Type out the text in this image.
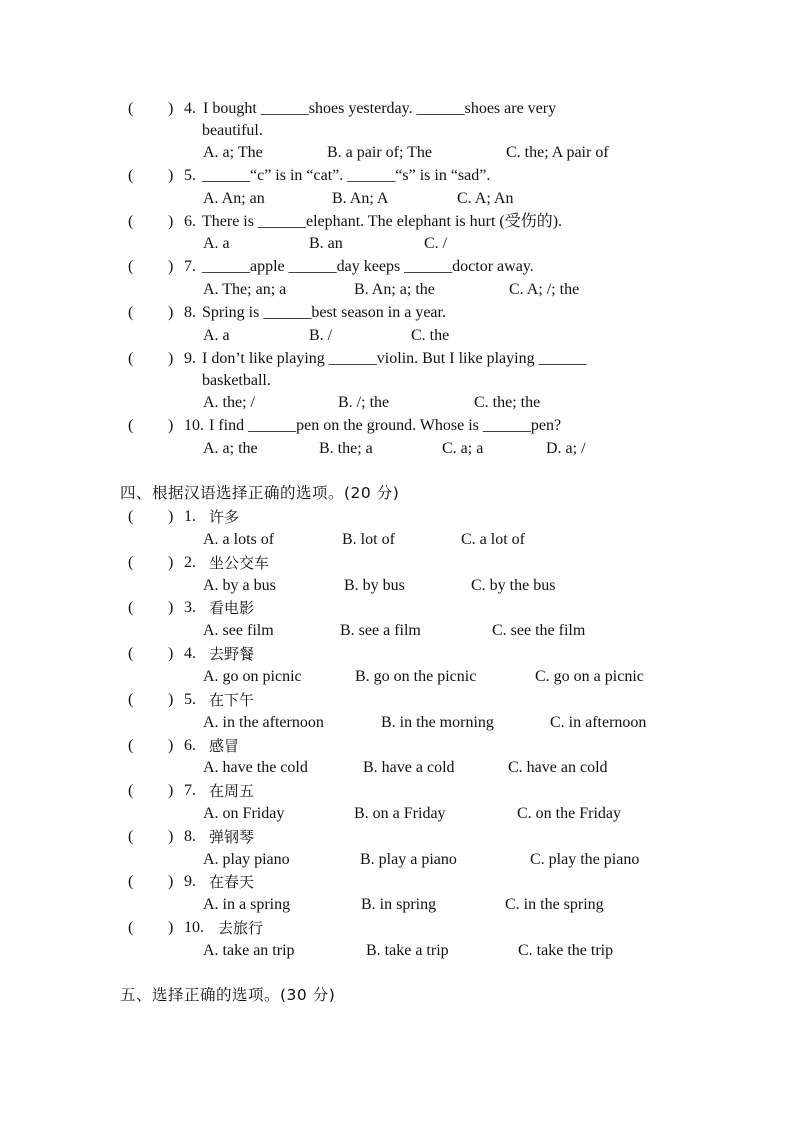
( ) 4. I bought ______shoes yesterday. ______shoes are very
beautiful.
A. a; The	B. a pair of; The	C. the; A pair of
( ) 5. ______“c” is in “cat”. ______“s” is in “sad”.
A. An; an	B. An; A	C. A; An
( ) 6. There is ______elephant. The elephant is hurt (受伤的).
A. a	B. an	C. /
( ) 7. ______apple ______day keeps ______doctor away.
A. The; an; a	B. An; a; the	C. A; /; the
( ) 8. Spring is ______best season in a year.
A. a	B. /	C. the
( ) 9. I don’t like playing ______violin. But I like playing ______
basketball.
A. the; /	B. /; the	C. the; the
( ) 10. I find ______pen on the ground. Whose is ______pen?
A. a; the	B. the; a	C. a; a	D. a; /
四、根据汉语选择正确的选项。(20 分)
( ) 1. 许多
A. a lots of	B. lot of	C. a lot of
( ) 2. 坐公交车
A. by a bus	B. by bus	C. by the bus
( ) 3. 看电影
A. see film	B. see a film	C. see the film
( ) 4. 去野餐
A. go on picnic	B. go on the picnic	C. go on a picnic
( ) 5. 在下午
A. in the afternoon	B. in the morning	C. in afternoon
( ) 6. 感冒
A. have the cold	B. have a cold	C. have an cold
( ) 7. 在周五
A. on Friday	B. on a Friday	C. on the Friday
( ) 8. 弹钢琴
A. play piano	B. play a piano	C. play the piano
( ) 9. 在春天
A. in a spring	B. in spring	C. in the spring
( ) 10. 去旅行
A. take an trip	B. take a trip	C. take the trip
五、选择正确的选项。(30 分)
